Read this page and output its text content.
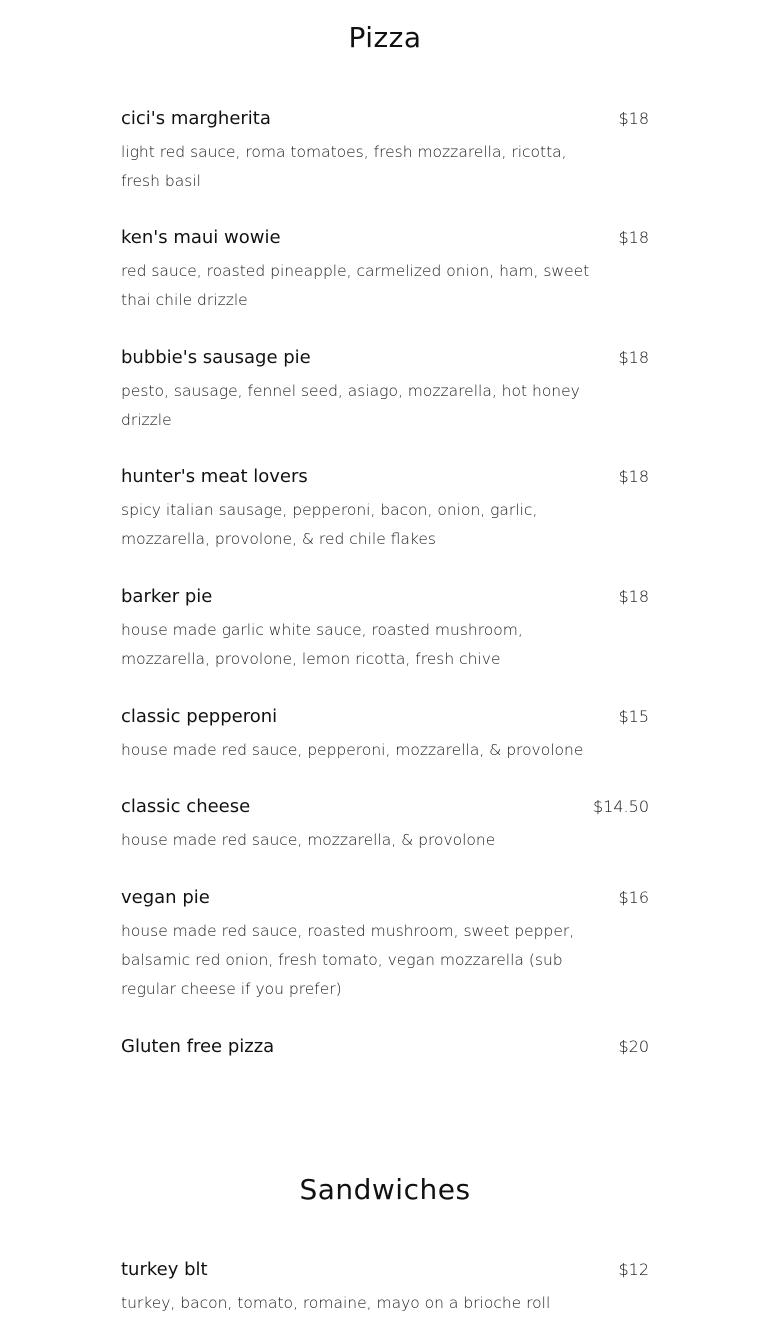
Pizza
cici's margherita	$18
light red sauce, roma tomatoes, fresh mozzarella, ricotta, fresh basil
ken's maui wowie	$18
red sauce, roasted pineapple, carmelized onion, ham, sweet thai chile drizzle
bubbie's sausage pie	$18
pesto, sausage, fennel seed, asiago, mozzarella, hot honey drizzle
hunter's meat lovers	$18
spicy italian sausage, pepperoni, bacon, onion, garlic, mozzarella, provolone, & red chile flakes
barker pie	$18
house made garlic white sauce, roasted mushroom, mozzarella, provolone, lemon ricotta, fresh chive
classic pepperoni	$15
house made red sauce, pepperoni, mozzarella, & provolone
classic cheese	$14.50
house made red sauce, mozzarella, & provolone
vegan pie	$16
house made red sauce, roasted mushroom, sweet pepper, balsamic red onion, fresh tomato, vegan mozzarella (sub regular cheese if you prefer)
Gluten free pizza	$20
Sandwiches
turkey blt	$12
turkey, bacon, tomato, romaine, mayo on a brioche roll
